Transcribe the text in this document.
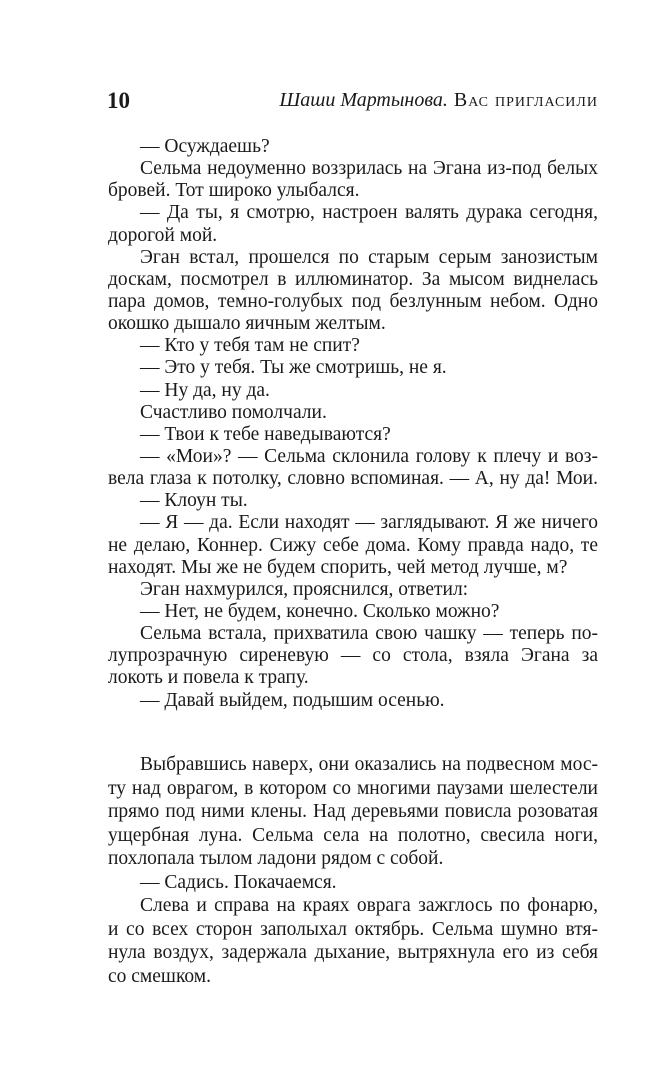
10	Шаши Мартынова. Вас пригласили
— Осуждаешь?
Сельма недоуменно воззрилась на Эгана из-под белых
бровей. Тот широко улыбался.
— Да ты, я смотрю, настроен валять дурака сегодня,
дорогой мой.
Эган встал, прошелся по старым серым занозистым
доскам, посмотрел в иллюминатор. За мысом виднелась
пара домов, темно-голубых под безлунным небом. Одно
окошко дышало яичным желтым.
— Кто у тебя там не спит?
— Это у тебя. Ты же смотришь, не я.
— Ну да, ну да.
Счастливо помолчали.
— Твои к тебе наведываются?
— «Мои»? — Сельма склонила голову к плечу и воз-
вела глаза к потолку, словно вспоминая. — А, ну да! Мои.
— Клоун ты.
— Я — да. Если находят — заглядывают. Я же ничего
не делаю, Коннер. Сижу себе дома. Кому правда надо, те
находят. Мы же не будем спорить, чей метод лучше, м?
Эган нахмурился, прояснился, ответил:
— Нет, не будем, конечно. Сколько можно?
Сельма встала, прихватила свою чашку — теперь по-
лупрозрачную сиреневую — со стола, взяла Эгана за
локоть и повела к трапу.
— Давай выйдем, подышим осенью.
Выбравшись наверх, они оказались на подвесном мос-
ту над оврагом, в котором со многими паузами шелестели
прямо под ними клены. Над деревьями повисла розоватая
ущербная луна. Сельма села на полотно, свесила ноги,
похлопала тылом ладони рядом с собой.
— Садись. Покачаемся.
Слева и справа на краях оврага зажглось по фонарю,
и со всех сторон заполыхал октябрь. Сельма шумно втя-
нула воздух, задержала дыхание, вытряхнула его из себя
со смешком.
